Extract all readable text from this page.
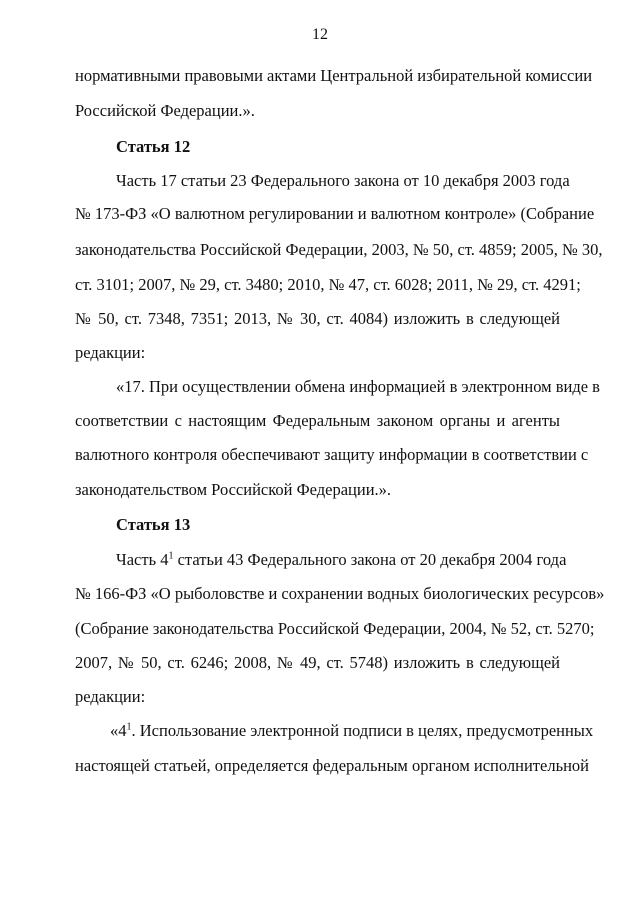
12
нормативными правовыми актами Центральной избирательной комиссии
Российской Федерации.».
Статья 12
Часть 17 статьи 23 Федерального закона от 10 декабря 2003 года
№ 173-ФЗ «О валютном регулировании и валютном контроле» (Собрание
законодательства Российской Федерации, 2003, № 50, ст. 4859; 2005, № 30,
ст. 3101; 2007, № 29, ст. 3480; 2010, № 47, ст. 6028; 2011, № 29, ст. 4291;
№ 50, ст. 7348, 7351; 2013, № 30, ст. 4084) изложить в следующей
редакции:
«17. При осуществлении обмена информацией в электронном виде в
соответствии с настоящим Федеральным законом органы и агенты
валютного контроля обеспечивают защиту информации в соответствии с
законодательством Российской Федерации.».
Статья 13
Часть $4^1$ статьи 43 Федерального закона от 20 декабря 2004 года
№ 166-ФЗ «О рыболовстве и сохранении водных биологических ресурсов»
(Собрание законодательства Российской Федерации, 2004, № 52, ст. 5270;
2007, № 50, ст. 6246; 2008, № 49, ст. 5748) изложить в следующей
редакции:
«$4^1$. Использование электронной подписи в целях, предусмотренных
настоящей статьей, определяется федеральным органом исполнительной
